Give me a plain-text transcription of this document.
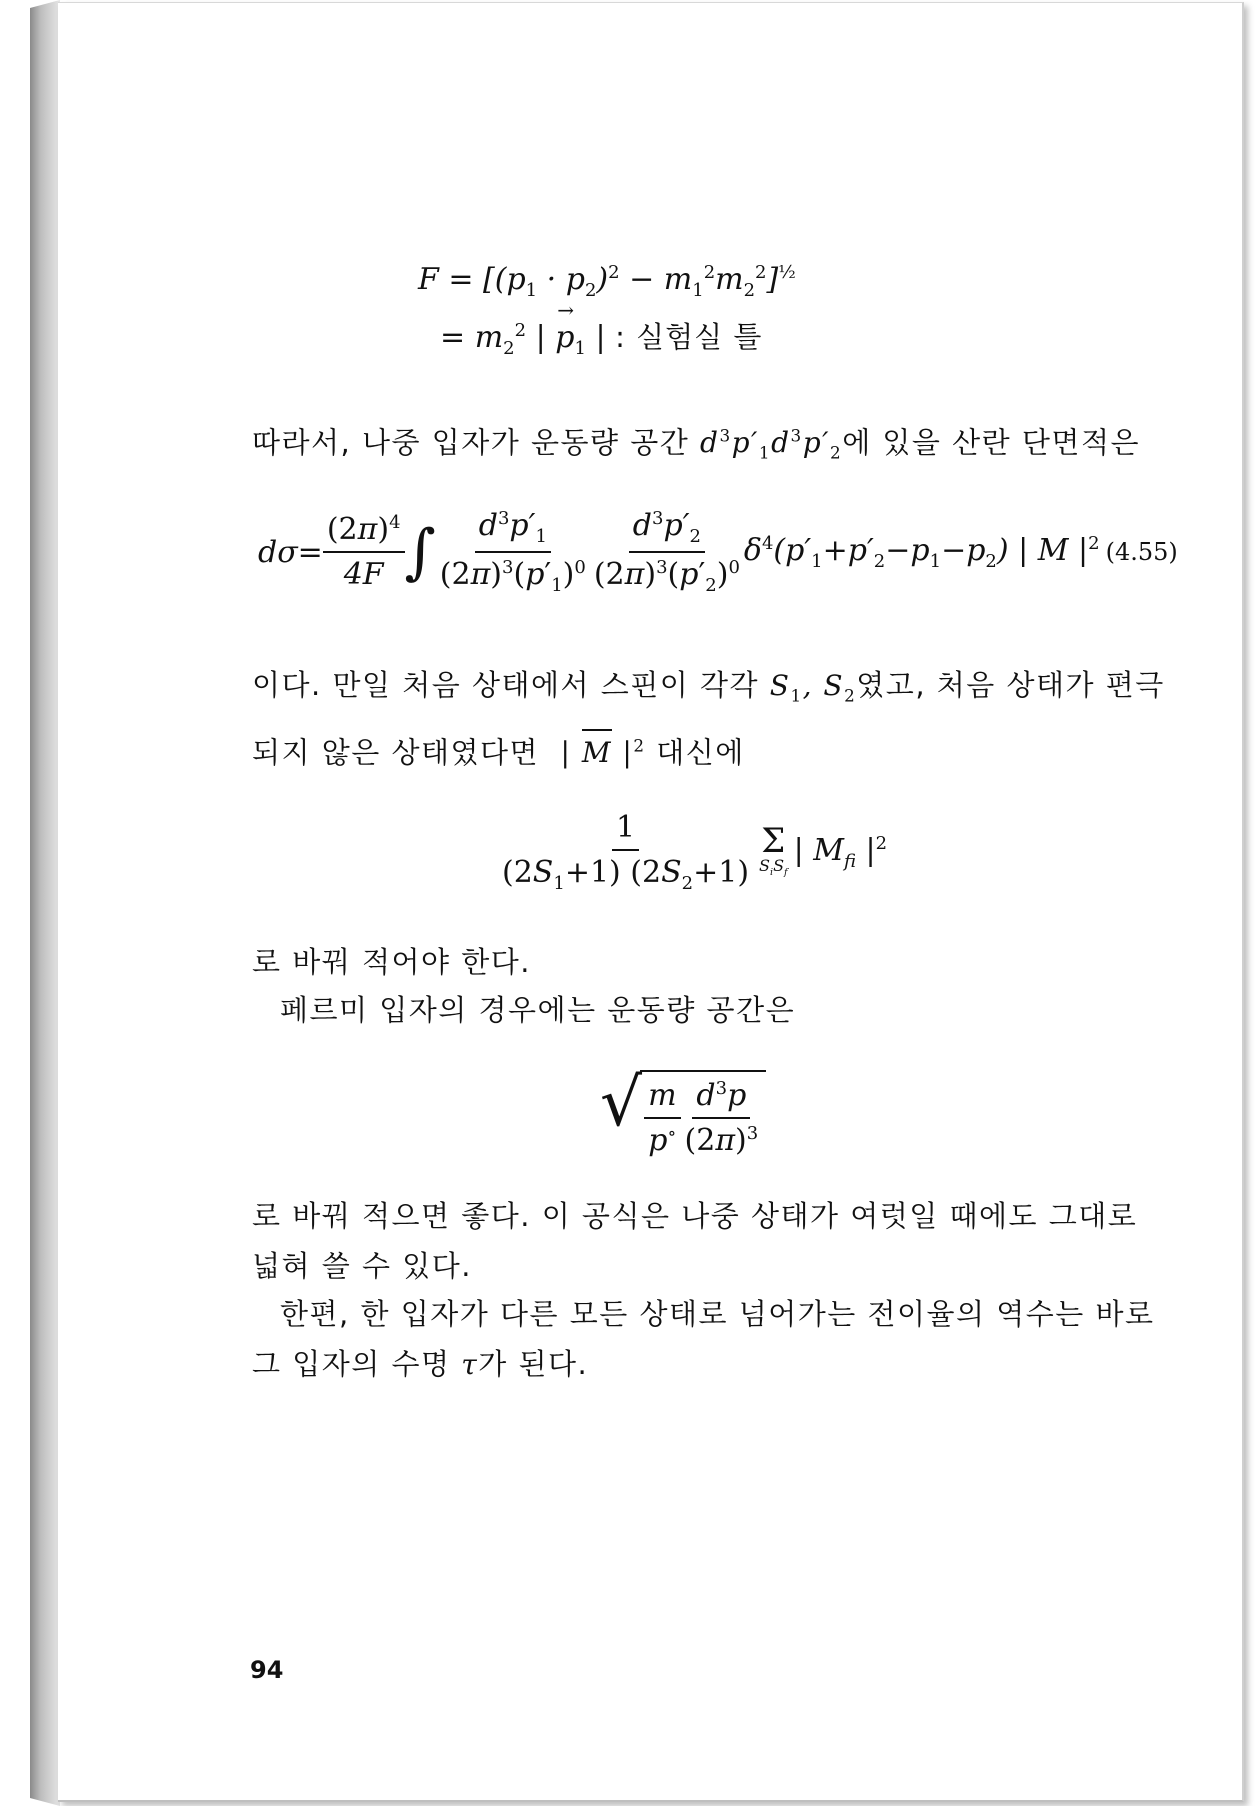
$F = [(p_1 \cdot p_2)^2 - m_1^2m_2^2]^{\frac{1}{2}}$
= $m_2^2$ | → $p_1$ | : 실험실 틀
따라서, 나중 입자가 운동량 공간 $d^3p'_1d^3p'_2$에 있을 산란 단면적은
$d\sigma= \frac{(2\pi)^4}{4F}$ ∫ $\frac{d^3p'_1}{(2\pi)^3(p'_1)^0} \frac{d^3p'_2}{(2\pi)^3(p'_2)^0} \delta^4(p'_1+p'_2-p_1-p_2)$ | M $|^2$ (4.55)
이다. 만일 처음 상태에서 스핀이 각각 $S_1$, $S_2$였고, 처음 상태가 편극
되지 않은 상태였다면 | M $|^2$ 대신에
$\frac{1}{(2S_1+1) (2S_2+1)}$ Σ
$S_iS_f$
| $M_{fi}$ $|^2$
로 바꿔 적어야 한다.
페르미 입자의 경우에는 운동량 공간은
√ $\frac{m}{p^\circ} \frac{d^3p}{(2\pi)^3}$
로 바꿔 적으면 좋다. 이 공식은 나중 상태가 여럿일 때에도 그대로
넓혀 쓸 수 있다.
한편, 한 입자가 다른 모든 상태로 넘어가는 전이율의 역수는 바로
그 입자의 수명 τ가 된다.
94
